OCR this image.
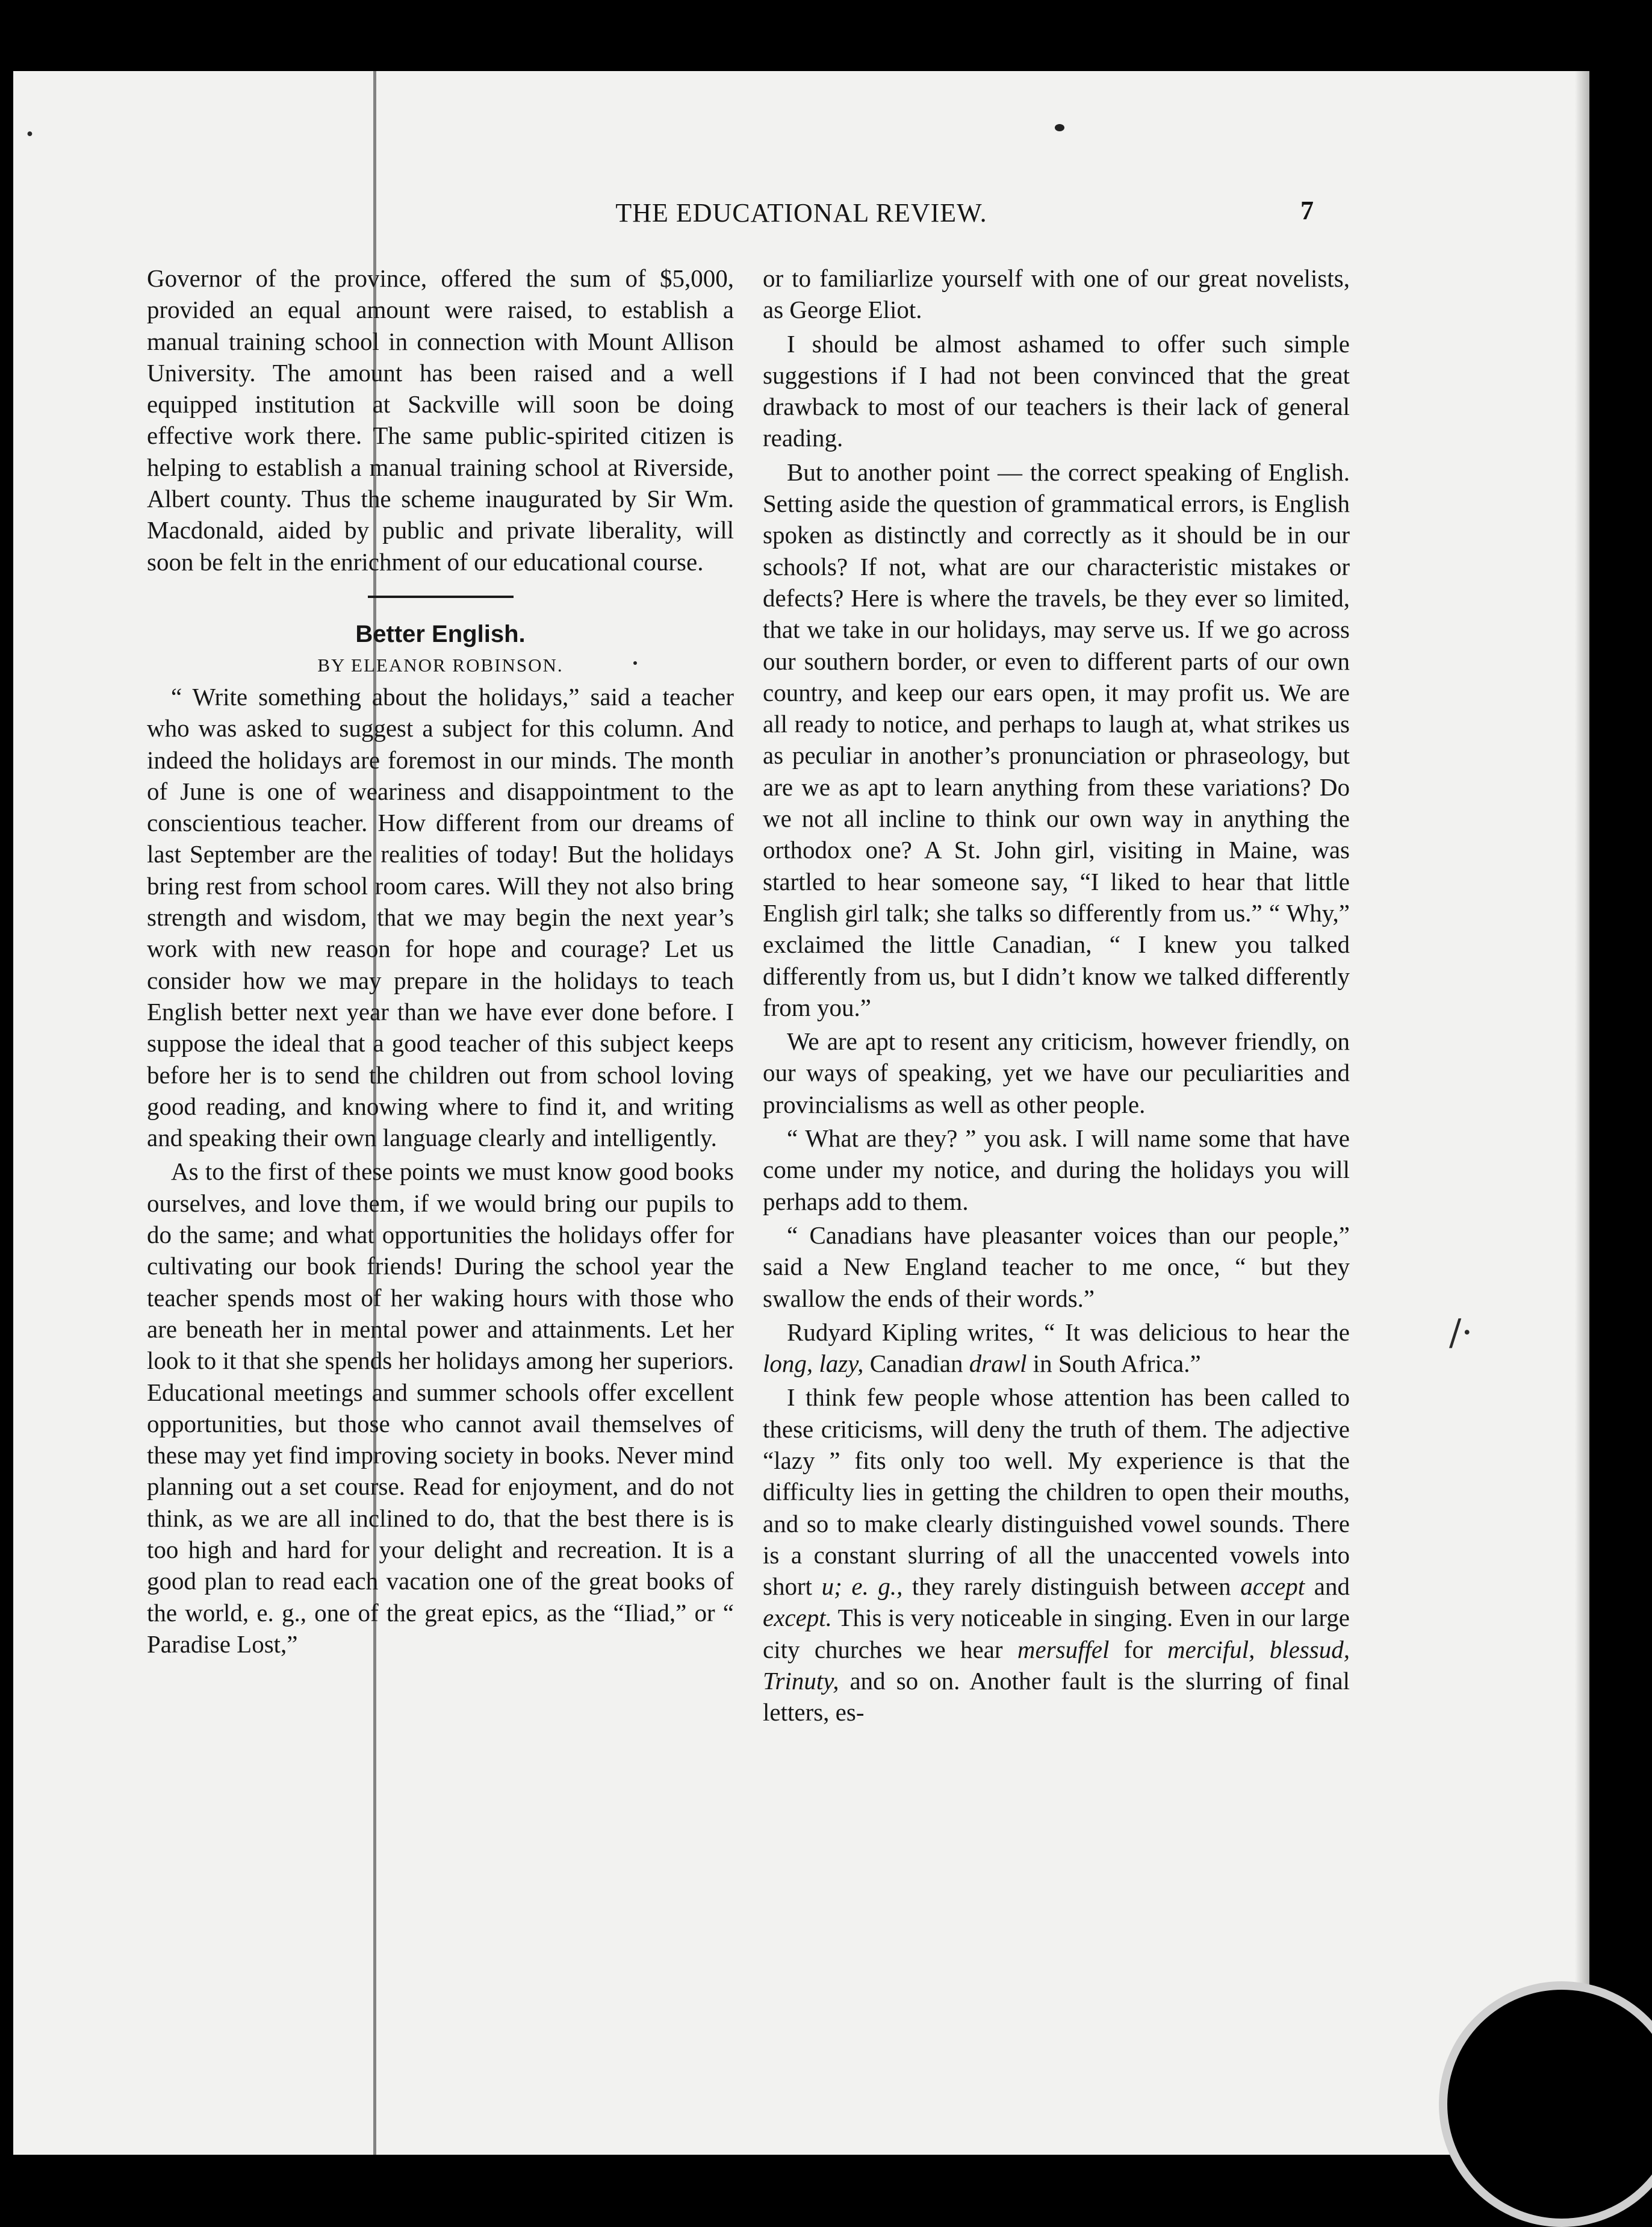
·
/·
THE EDUCATIONAL REVIEW.	7

Governor of the province, offered the sum of $5,000, provided an equal amount were raised, to establish a manual training school in connection with Mount Allison University. The amount has been raised and a well equipped institution at Sackville will soon be doing effective work there. The same public-spirited citizen is helping to establish a manual training school at Riverside, Albert county. Thus the scheme inaugurated by Sir Wm. Macdonald, aided by public and private liberality, will soon be felt in the enrichment of our educational course.

Better English.

BY ELEANOR ROBINSON.

“ Write something about the holidays,” said a teacher who was asked to suggest a subject for this column. And indeed the holidays are foremost in our minds. The month of June is one of weariness and disappointment to the conscientious teacher. How different from our dreams of last September are the realities of today! But the holidays bring rest from school room cares. Will they not also bring strength and wisdom, that we may begin the next year’s work with new reason for hope and courage? Let us consider how we may prepare in the holidays to teach English better next year than we have ever done before. I suppose the ideal that a good teacher of this subject keeps before her is to send the children out from school loving good reading, and knowing where to find it, and writing and speaking their own language clearly and intelligently.

As to the first of these points we must know good books ourselves, and love them, if we would bring our pupils to do the same; and what opportunities the holidays offer for cultivating our book friends! During the school year the teacher spends most of her waking hours with those who are beneath her in mental power and attainments. Let her look to it that she spends her holidays among her superiors. Educational meetings and summer schools offer excellent opportunities, but those who cannot avail themselves of these may yet find improving society in books. Never mind planning out a set course. Read for enjoyment, and do not think, as we are all inclined to do, that the best there is is too high and hard for your delight and recreation. It is a good plan to read each vacation one of the great books of the world, e. g., one of the great epics, as the “Iliad,” or “ Paradise Lost,”

or to familiarlize yourself with one of our great novelists, as George Eliot.

I should be almost ashamed to offer such simple suggestions if I had not been convinced that the great drawback to most of our teachers is their lack of general reading.

But to another point — the correct speaking of English. Setting aside the question of grammatical errors, is English spoken as distinctly and correctly as it should be in our schools? If not, what are our characteristic mistakes or defects? Here is where the travels, be they ever so limited, that we take in our holidays, may serve us. If we go across our southern border, or even to different parts of our own country, and keep our ears open, it may profit us. We are all ready to notice, and perhaps to laugh at, what strikes us as peculiar in another’s pronunciation or phraseology, but are we as apt to learn anything from these variations? Do we not all incline to think our own way in anything the orthodox one? A St. John girl, visiting in Maine, was startled to hear someone say, “I liked to hear that little English girl talk; she talks so differently from us.” “ Why,” exclaimed the little Canadian, “ I knew you talked differently from us, but I didn’t know we talked differently from you.”

We are apt to resent any criticism, however friendly, on our ways of speaking, yet we have our peculiarities and provincialisms as well as other people.

“ What are they? ” you ask. I will name some that have come under my notice, and during the holidays you will perhaps add to them.

“ Canadians have pleasanter voices than our people,” said a New England teacher to me once, “ but they swallow the ends of their words.”

Rudyard Kipling writes, “ It was delicious to hear the long, lazy, Canadian drawl in South Africa.”

I think few people whose attention has been called to these criticisms, will deny the truth of them. The adjective “lazy ” fits only too well. My experience is that the difficulty lies in getting the children to open their mouths, and so to make clearly distinguished vowel sounds. There is a constant slurring of all the unaccented vowels into short u; e. g., they rarely distinguish between accept and except. This is very noticeable in singing. Even in our large city churches we hear mersuffel for merciful, blessud, Trinuty, and so on. Another fault is the slurring of final letters, es-
